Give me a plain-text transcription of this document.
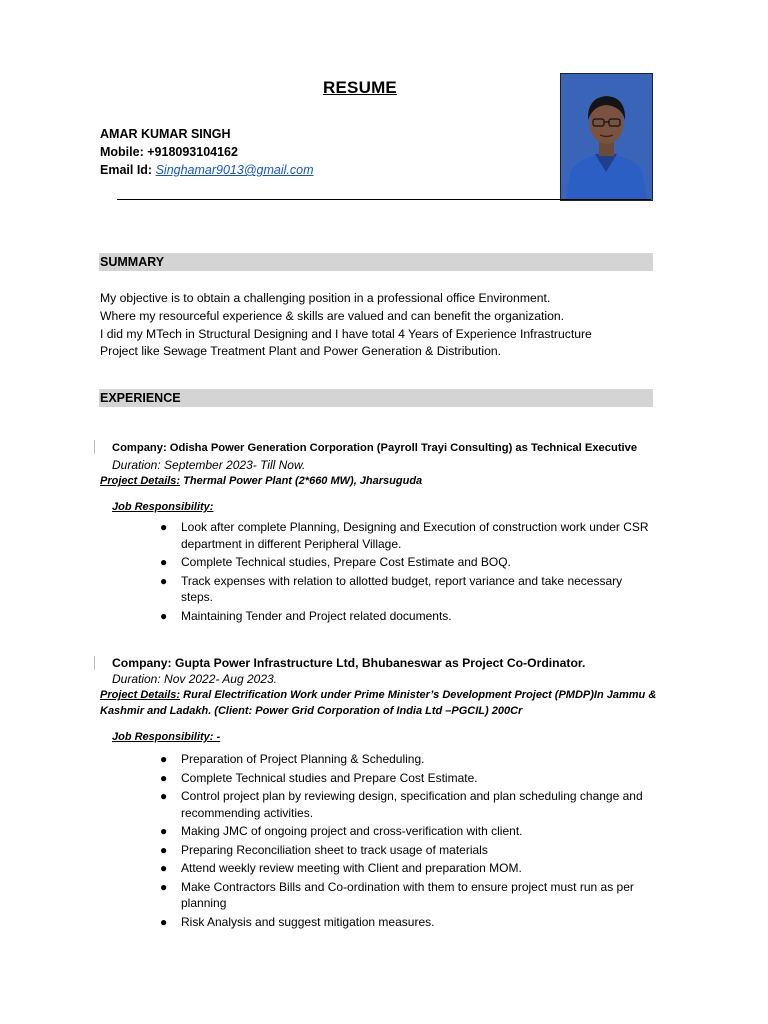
RESUME
AMAR KUMAR SINGH
Mobile: +918093104162
Email Id: Singhamar9013@gmail.com
SUMMARY
My objective is to obtain a challenging position in a professional office Environment.
Where my resourceful experience & skills are valued and can benefit the organization.
I did my MTech in Structural Designing and I have total 4 Years of Experience Infrastructure
Project like Sewage Treatment Plant and Power Generation & Distribution.
EXPERIENCE
Company: Odisha Power Generation Corporation (Payroll Trayi Consulting) as Technical Executive
Duration: September 2023- Till Now.
Project Details: Thermal Power Plant (2*660 MW), Jharsuguda
Job Responsibility:
● Look after complete Planning, Designing and Execution of construction work under CSR department in different Peripheral Village.
● Complete Technical studies, Prepare Cost Estimate and BOQ.
● Track expenses with relation to allotted budget, report variance and take necessary steps.
● Maintaining Tender and Project related documents.
Company: Gupta Power Infrastructure Ltd, Bhubaneswar as Project Co-Ordinator.
Duration: Nov 2022- Aug 2023.
Project Details: Rural Electrification Work under Prime Minister’s Development Project (PMDP)In Jammu & Kashmir and Ladakh. (Client: Power Grid Corporation of India Ltd –PGCIL) 200Cr
Job Responsibility: -
● Preparation of Project Planning & Scheduling.
● Complete Technical studies and Prepare Cost Estimate.
● Control project plan by reviewing design, specification and plan scheduling change and recommending activities.
● Making JMC of ongoing project and cross-verification with client.
● Preparing Reconciliation sheet to track usage of materials
● Attend weekly review meeting with Client and preparation MOM.
● Make Contractors Bills and Co-ordination with them to ensure project must run as per planning
● Risk Analysis and suggest mitigation measures.
